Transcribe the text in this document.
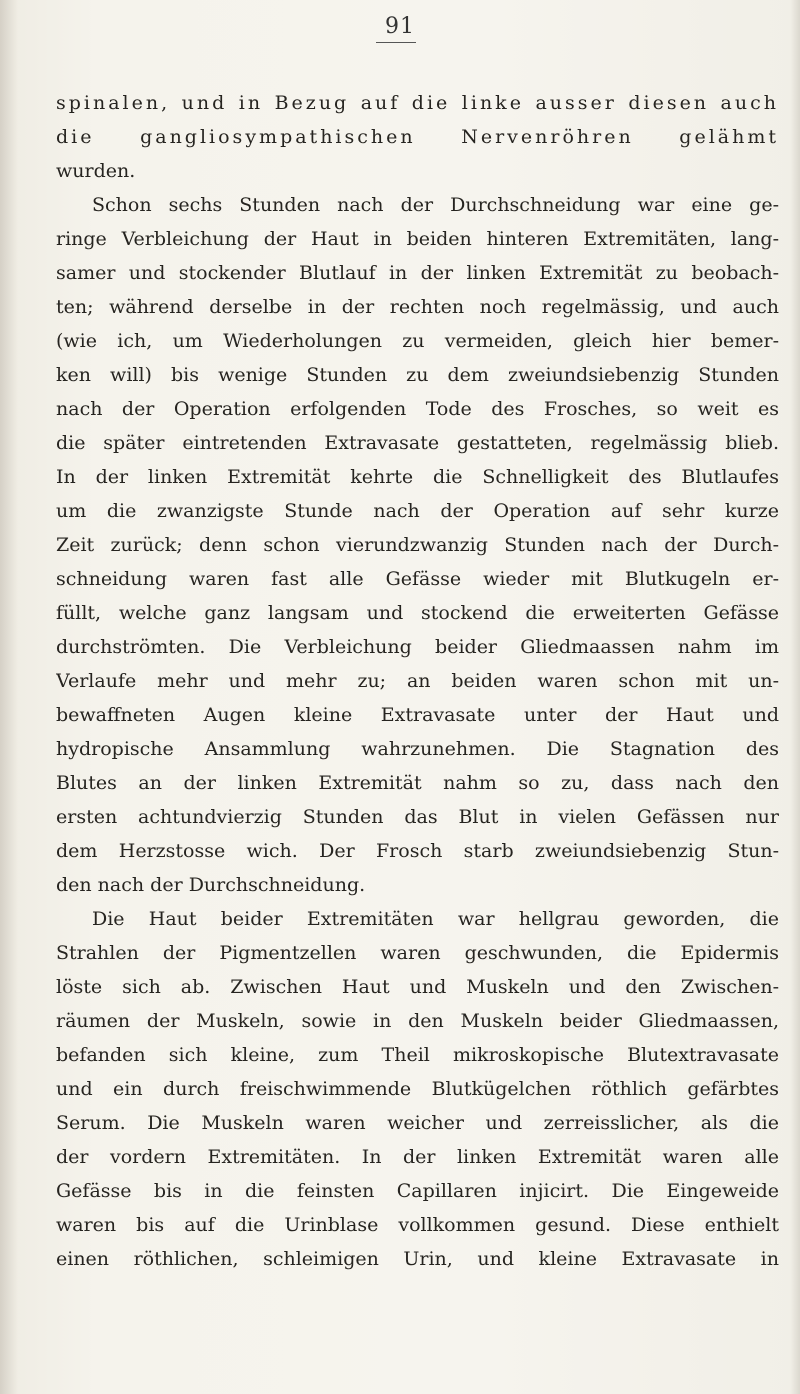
91
spinalen, und in Bezug auf die linke ausser diesen auch
die gangliosympathischen Nervenröhren gelähmt
wurden.
Schon sechs Stunden nach der Durchschneidung war eine ge-
ringe Verbleichung der Haut in beiden hinteren Extremitäten, lang-
samer und stockender Blutlauf in der linken Extremität zu beobach-
ten; während derselbe in der rechten noch regelmässig, und auch
(wie ich, um Wiederholungen zu vermeiden, gleich hier bemer-
ken will) bis wenige Stunden zu dem zweiundsiebenzig Stunden
nach der Operation erfolgenden Tode des Frosches, so weit es
die später eintretenden Extravasate gestatteten, regelmässig blieb.
In der linken Extremität kehrte die Schnelligkeit des Blutlaufes
um die zwanzigste Stunde nach der Operation auf sehr kurze
Zeit zurück; denn schon vierundzwanzig Stunden nach der Durch-
schneidung waren fast alle Gefässe wieder mit Blutkugeln er-
füllt, welche ganz langsam und stockend die erweiterten Gefässe
durchströmten. Die Verbleichung beider Gliedmaassen nahm im
Verlaufe mehr und mehr zu; an beiden waren schon mit un-
bewaffneten Augen kleine Extravasate unter der Haut und
hydropische Ansammlung wahrzunehmen. Die Stagnation des
Blutes an der linken Extremität nahm so zu, dass nach den
ersten achtundvierzig Stunden das Blut in vielen Gefässen nur
dem Herzstosse wich. Der Frosch starb zweiundsiebenzig Stun-
den nach der Durchschneidung.
Die Haut beider Extremitäten war hellgrau geworden, die
Strahlen der Pigmentzellen waren geschwunden, die Epidermis
löste sich ab. Zwischen Haut und Muskeln und den Zwischen-
räumen der Muskeln, sowie in den Muskeln beider Gliedmaassen,
befanden sich kleine, zum Theil mikroskopische Blutextravasate
und ein durch freischwimmende Blutkügelchen röthlich gefärbtes
Serum. Die Muskeln waren weicher und zerreisslicher, als die
der vordern Extremitäten. In der linken Extremität waren alle
Gefässe bis in die feinsten Capillaren injicirt. Die Eingeweide
waren bis auf die Urinblase vollkommen gesund. Diese enthielt
einen röthlichen, schleimigen Urin, und kleine Extravasate in
